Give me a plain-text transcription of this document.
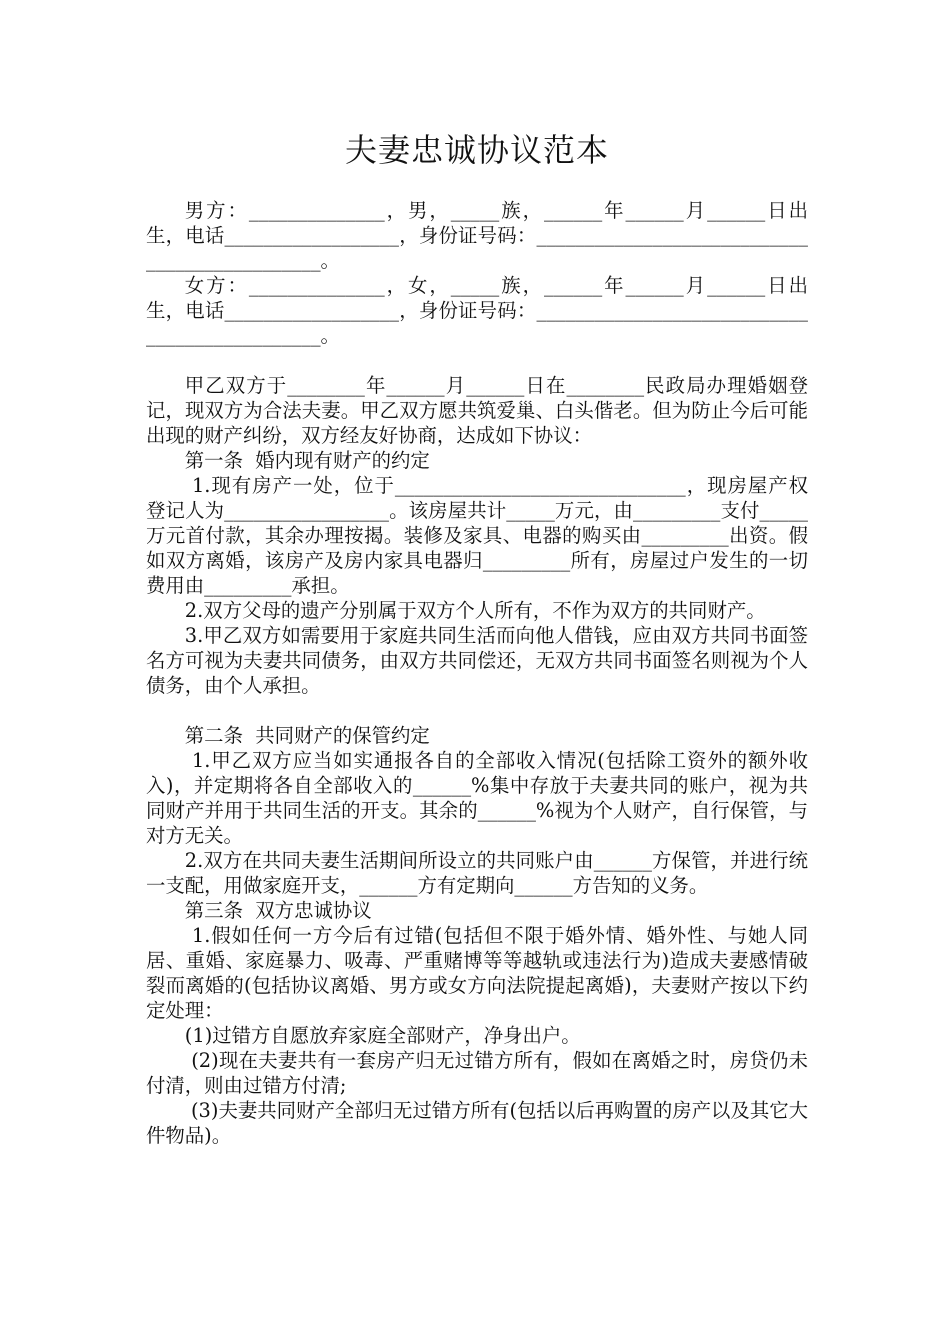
夫妻忠诚协议范本

男方：______________，男，_____族，______年______月______日出生，电话__________________，身份证号码：______________________________________________。

女方：______________，女，_____族，______年______月______日出生，电话__________________，身份证号码：______________________________________________。

甲乙双方于________年______月______日在________民政局办理婚姻登记，现双方为合法夫妻。甲乙双方愿共筑爱巢、白头偕老。但为防止今后可能出现的财产纠纷，双方经友好协商，达成如下协议：

第一条  婚内现有财产的约定

1.现有房产一处，位于______________________________，现房屋产权登记人为_________________。该房屋共计_____万元，由_________支付_____万元首付款，其余办理按揭。装修及家具、电器的购买由_________出资。假如双方离婚，该房产及房内家具电器归_________所有，房屋过户发生的一切费用由_________承担。

2.双方父母的遗产分别属于双方个人所有，不作为双方的共同财产。

3.甲乙双方如需要用于家庭共同生活而向他人借钱，应由双方共同书面签名方可视为夫妻共同债务，由双方共同偿还，无双方共同书面签名则视为个人债务，由个人承担。

第二条  共同财产的保管约定

1.甲乙双方应当如实通报各自的全部收入情况(包括除工资外的额外收入)，并定期将各自全部收入的______%集中存放于夫妻共同的账户，视为共同财产并用于共同生活的开支。其余的______%视为个人财产，自行保管，与对方无关。

2.双方在共同夫妻生活期间所设立的共同账户由______方保管，并进行统一支配，用做家庭开支，______方有定期向______方告知的义务。

第三条  双方忠诚协议

1.假如任何一方今后有过错(包括但不限于婚外情、婚外性、与她人同居、重婚、家庭暴力、吸毒、严重赌博等等越轨或违法行为)造成夫妻感情破裂而离婚的(包括协议离婚、男方或女方向法院提起离婚)，夫妻财产按以下约定处理：

(1)过错方自愿放弃家庭全部财产，净身出户。

(2)现在夫妻共有一套房产归无过错方所有，假如在离婚之时，房贷仍未付清，则由过错方付清;

(3)夫妻共同财产全部归无过错方所有(包括以后再购置的房产以及其它大件物品)。
